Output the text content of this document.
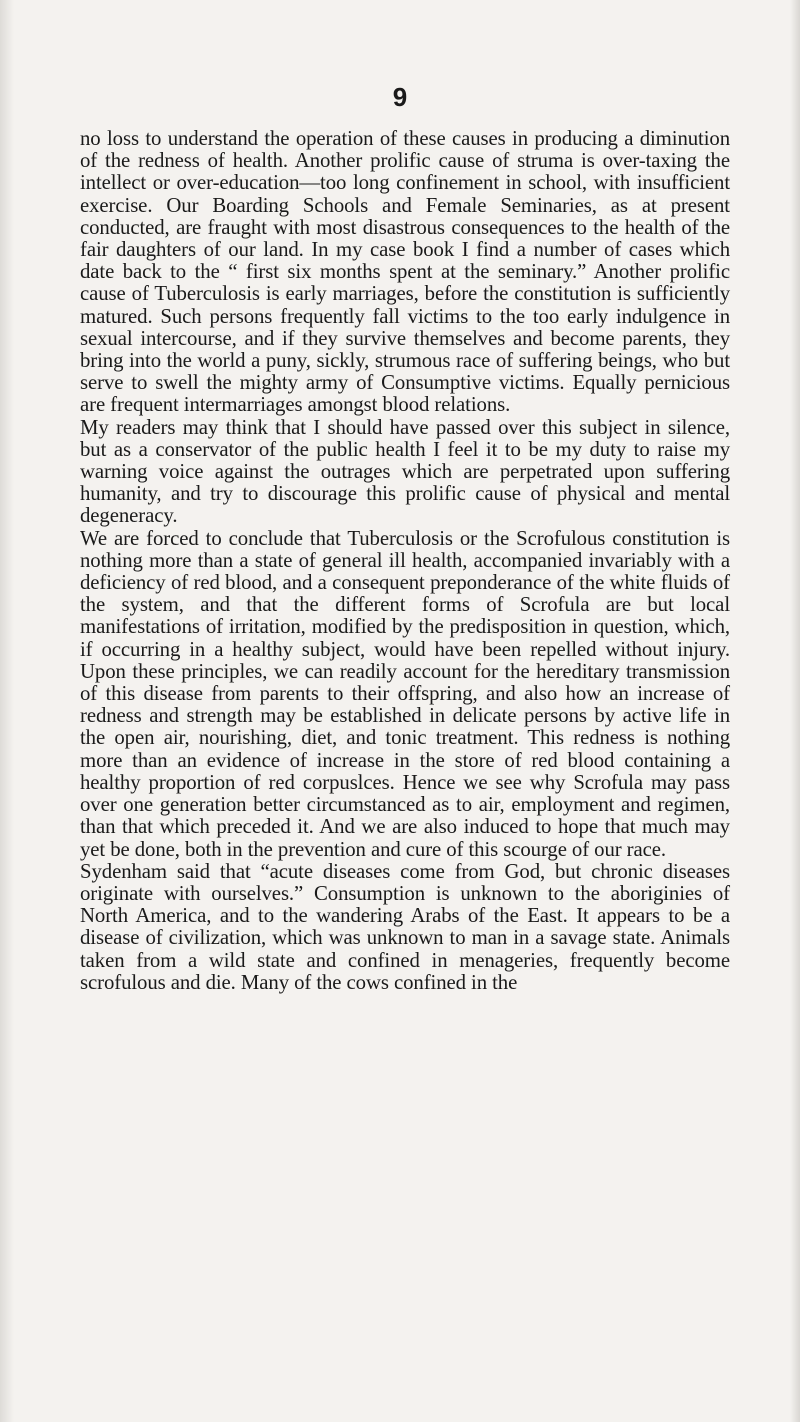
9

no loss to understand the operation of these causes in producing a diminution of the redness of health. Another prolific cause of struma is over-taxing the intellect or over-education—too long confinement in school, with insufficient exercise. Our Boarding Schools and Female Seminaries, as at present conducted, are fraught with most disastrous consequences to the health of the fair daughters of our land. In my case book I find a number of cases which date back to the “ first six months spent at the seminary.” Another prolific cause of Tuberculosis is early marriages, before the constitution is sufficiently matured. Such persons frequently fall victims to the too early indulgence in sexual intercourse, and if they survive themselves and become parents, they bring into the world a puny, sickly, strumous race of suffering beings, who but serve to swell the mighty army of Consumptive victims. Equally pernicious are frequent intermarriages amongst blood relations.

My readers may think that I should have passed over this subject in silence, but as a conservator of the public health I feel it to be my duty to raise my warning voice against the outrages which are perpetrated upon suffering humanity, and try to discourage this prolific cause of physical and mental degeneracy.

We are forced to conclude that Tuberculosis or the Scrofulous constitution is nothing more than a state of general ill health, accompanied invariably with a deficiency of red blood, and a consequent preponderance of the white fluids of the system, and that the different forms of Scrofula are but local manifestations of irritation, modified by the predisposition in question, which, if occurring in a healthy subject, would have been repelled without injury. Upon these principles, we can readily account for the hereditary transmission of this disease from parents to their offspring, and also how an increase of redness and strength may be established in delicate persons by active life in the open air, nourishing, diet, and tonic treatment. This redness is nothing more than an evidence of increase in the store of red blood containing a healthy proportion of red corpuslces. Hence we see why Scrofula may pass over one generation better circumstanced as to air, employment and regimen, than that which preceded it. And we are also induced to hope that much may yet be done, both in the prevention and cure of this scourge of our race.

Sydenham said that “acute diseases come from God, but chronic diseases originate with ourselves.” Consumption is unknown to the aboriginies of North America, and to the wandering Arabs of the East. It appears to be a disease of civilization, which was unknown to man in a savage state. Animals taken from a wild state and confined in menageries, frequently become scrofulous and die. Many of the cows confined in the
